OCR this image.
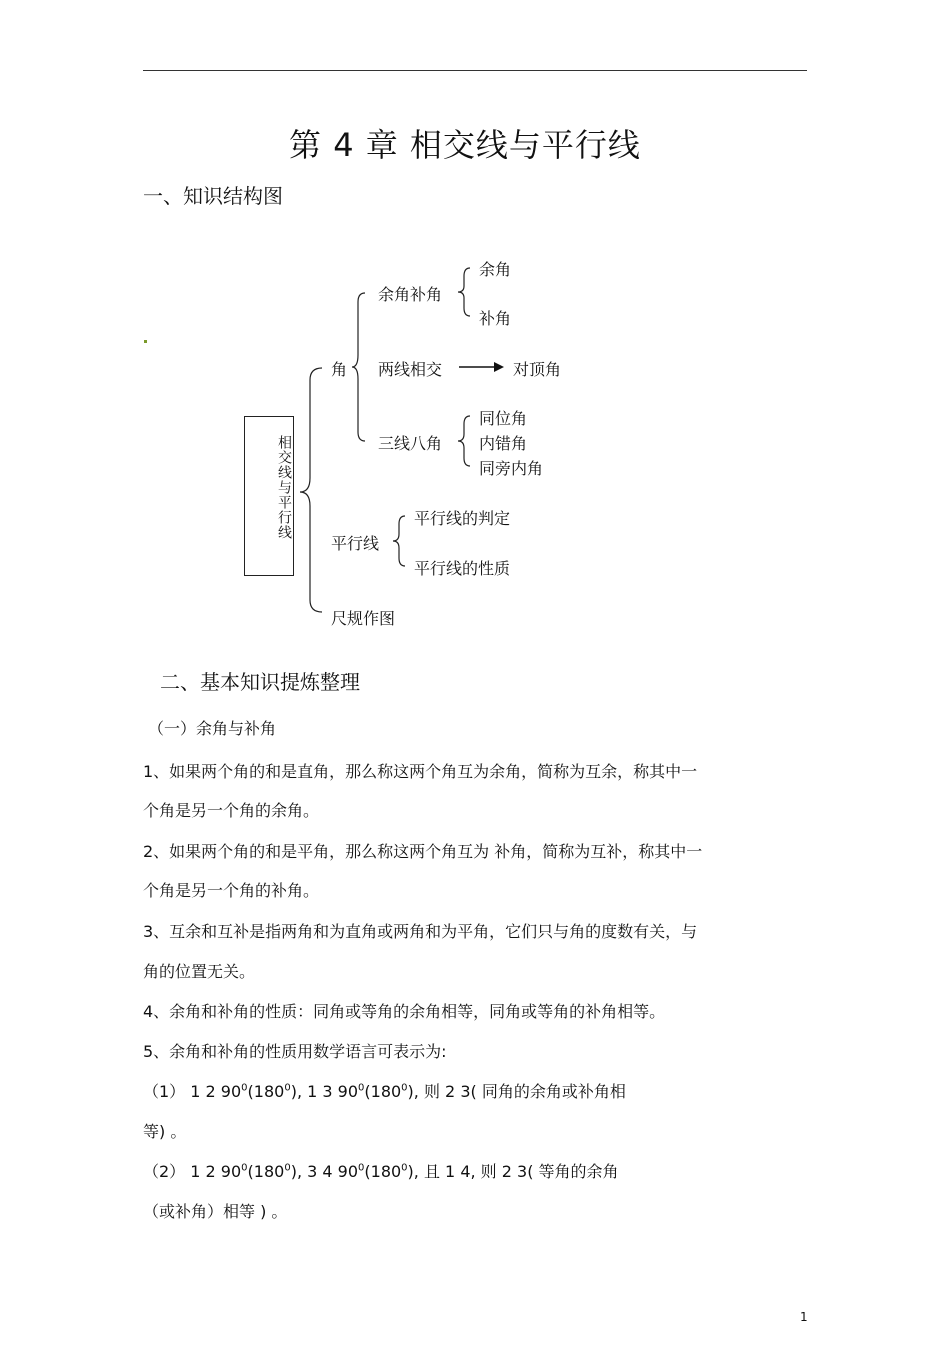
第 4 章 相交线与平行线
一、知识结构图
相交线与平行线
角
余角补角
余角
补角
两线相交	对顶角
三线八角
同位角
内错角
同旁内角
平行线
平行线的判定
平行线的性质
尺规作图
二、基本知识提炼整理
（一）余角与补角
1、如果两个角的和是直角，那么称这两个角互为余角，简称为互余，称其中一
个角是另一个角的余角。
2、如果两个角的和是平角，那么称这两个角互为 补角，简称为互补，称其中一
个角是另一个角的补角。
3、互余和互补是指两角和为直角或两角和为平角，它们只与角的度数有关，与
角的位置无关。
4、余角和补角的性质：同角或等角的余角相等，同角或等角的补角相等。
5、余角和补角的性质用数学语言可表示为:
（1） 1 2 $90^0(180^0)$, 1 3 $90^0(180^0)$, 则 2 3( 同角的余角或补角相
等) 。
（2） 1 2 $90^0(180^0)$, 3 4 $90^0(180^0)$, 且 1 4, 则 2 3( 等角的余角
（或补角）相等 ) 。
1
